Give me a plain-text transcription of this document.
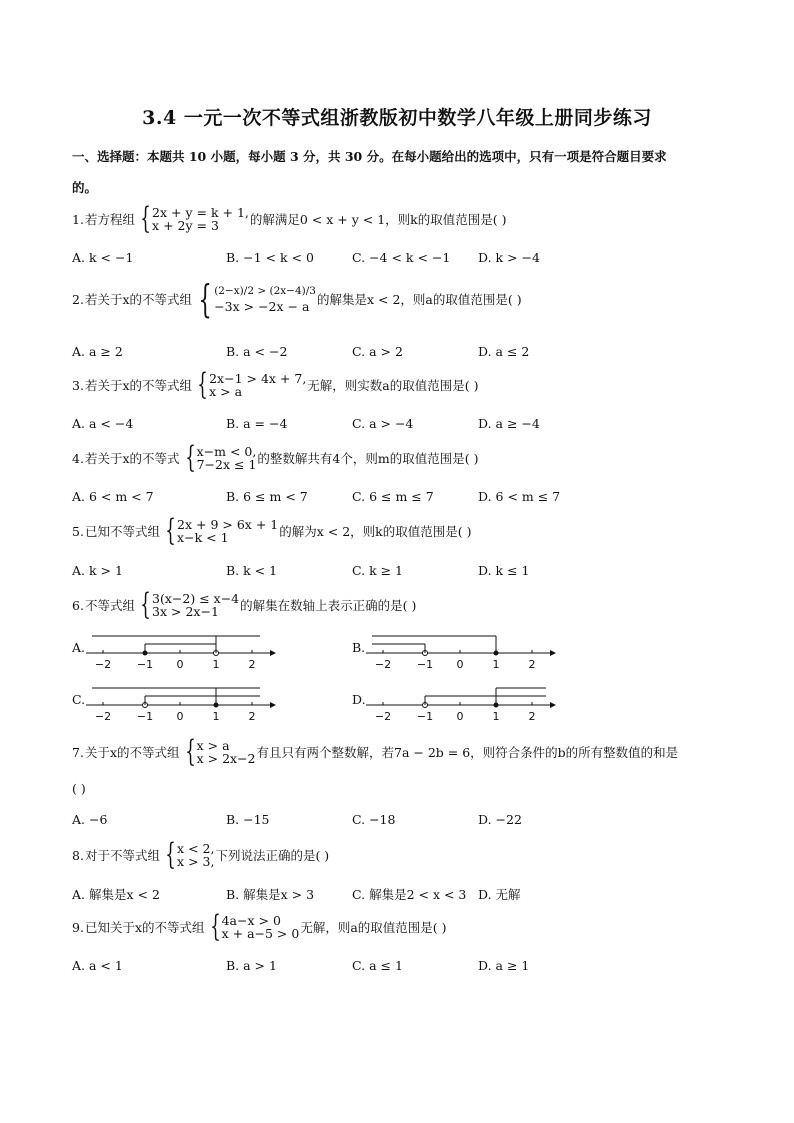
3.4 一元一次不等式组浙教版初中数学八年级上册同步练习
一、选择题：本题共 10 小题，每小题 3 分，共 30 分。在每小题给出的选项中，只有一项是符合题目要求
的。
1. 若方程组 { 2x + y = k + 1,
x + 2y = 3	的解满足0 < x + y < 1，则k的取值范围是( )
A. k < −1	B. −1 < k < 0	C. −4 < k < −1 D. k > −4
2. 若关于x的不等式组 { (2−x)/2 > (2x−4)/3
−3x > −2x − a 的解集是x < 2，则a的取值范围是( )
A. a ≥ 2	B. a < −2	C. a > 2	D. a ≤ 2
3. 若关于x的不等式组 { 2x−1 > 4x + 7,
x > a	无解，则实数a的取值范围是( )
A. a < −4	B. a = −4	C. a > −4	D. a ≥ −4
4. 若关于x的不等式 { x−m < 0,
7−2x ≤ 1 的整数解共有4个，则m的取值范围是( )
A. 6 < m < 7	B. 6 ≤ m < 7	C. 6 ≤ m ≤ 7	D. 6 < m ≤ 7
5. 已知不等式组 { 2x + 9 > 6x + 1
x−k < 1	的解为x < 2，则k的取值范围是( )
A. k > 1	B. k < 1	C. k ≥ 1	D. k ≤ 1
6. 不等式组 { 3(x−2) ≤ x−4
3x > 2x−1	的解集在数轴上表示正确的是( )
A.
−2 −1 0	1	2
B.
−2 −1 0	1	2
C.
−2 −1 0	1	2
D.
−2 −1 0	1	2
7. 关于x的不等式组 { x > a
x > 2x−2 有且只有两个整数解，若7a − 2b = 6，则符合条件的b的所有整数值的和是
( )
A. −6	B. −15	C. −18	D. −22
8. 对于不等式组 { x < 2,
x > 3, 下列说法正确的是( )
A. 解集是x < 2	B. 解集是x > 3	C. 解集是2 < x < 3 D. 无解
9. 已知关于x的不等式组 { 4a−x > 0
x + a−5 > 0 无解，则a的取值范围是( )
A. a < 1	B. a > 1	C. a ≤ 1	D. a ≥ 1
